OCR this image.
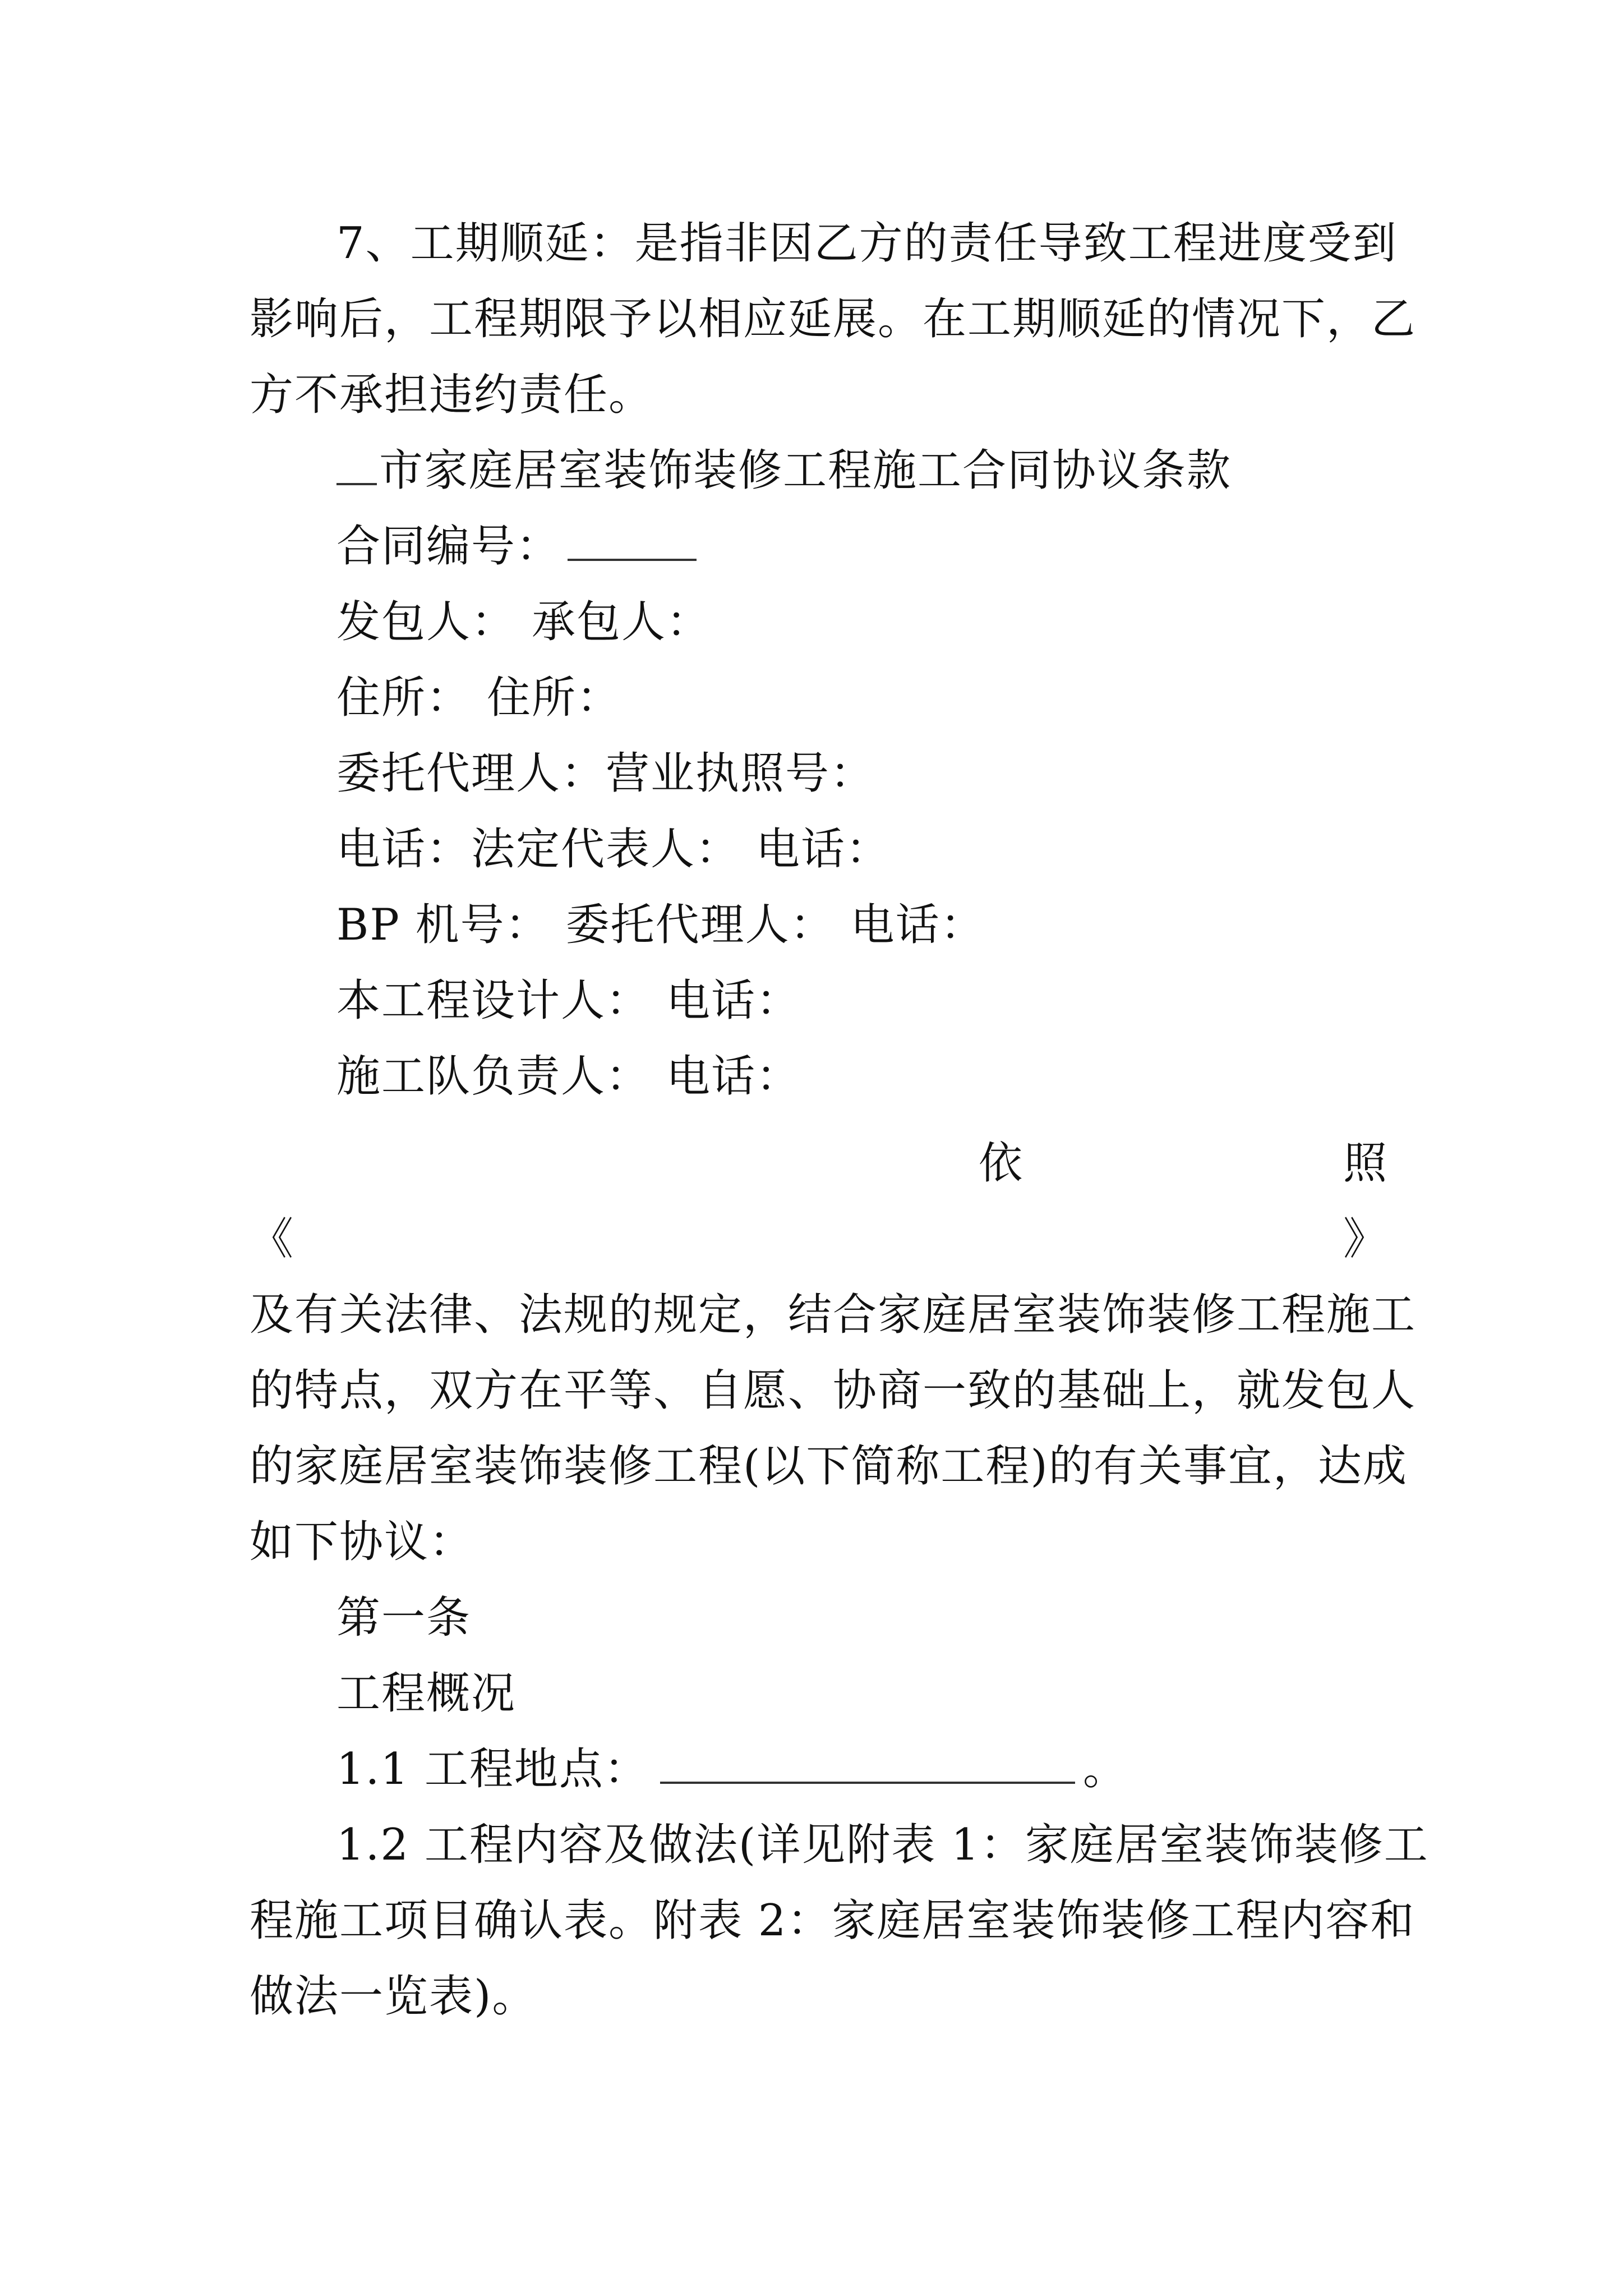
7、工期顺延：是指非因乙方的责任导致工程进度受到
影响后，工程期限予以相应延展。在工期顺延的情况下，乙
方不承担违约责任。
市家庭居室装饰装修工程施工合同协议条款
合同编号：
发包人： 承包人：
住所： 住所：
委托代理人：营业执照号：
电话：法定代表人： 电话：
BP 机号： 委托代理人： 电话：
本工程设计人： 电话：
施工队负责人： 电话：
依	照
《	》
及有关法律、法规的规定，结合家庭居室装饰装修工程施工
的特点，双方在平等、自愿、协商一致的基础上，就发包人
的家庭居室装饰装修工程(以下简称工程)的有关事宜，达成
如下协议：
第一条
工程概况
1.1 工程地点：	。
1.2 工程内容及做法(详见附表 1：家庭居室装饰装修工
程施工项目确认表。附表 2：家庭居室装饰装修工程内容和
做法一览表)。
